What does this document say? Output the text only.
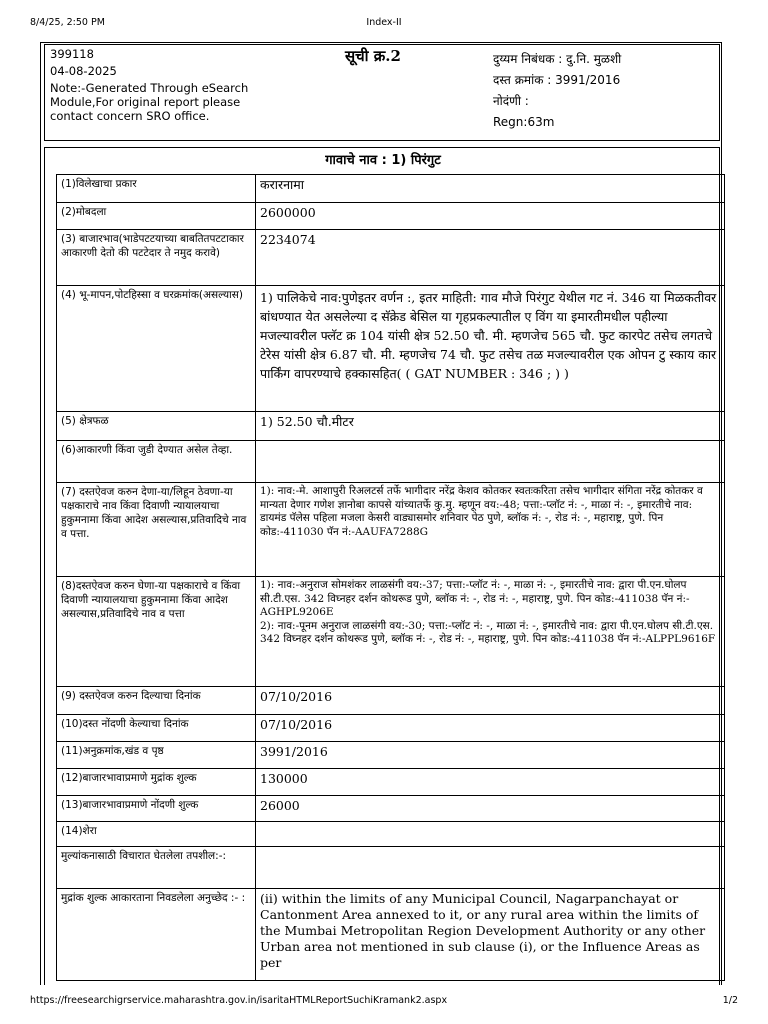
8/4/25, 2:50 PM	Index-II
399118
04-08-2025
Note:-Generated Through eSearch Module,For original report please contact concern SRO office.
सूची क्र.2	दुय्यम निबंधक : दु.नि. मुळशी
दस्त क्रमांक : 3991/2016
नोदंणी :
Regn:63m
गावाचे नाव : 1) पिरंगुट
(1)विलेखाचा प्रकार	करारनामा
(2)मोबदला	2600000
(3) बाजारभाव(भाडेपटटयाच्या बाबतितपटटाकार आकारणी देतो की पटटेदार ते नमुद करावे)	2234074
(4) भू-मापन,पोटहिस्सा व घरक्रमांक(असल्यास)	1) पालिकेचे नाव:पुणेइतर वर्णन :, इतर माहिती: गाव मौजे पिरंगुट येथील गट नं. 346 या मिळकतीवर बांधण्यात येत असलेल्या द सॅक्रेड बेसिल या गृहप्रकल्पातील ए विंग या इमारतीमधील पहील्या मजल्यावरील फ्लॅट क्र 104 यांसी क्षेत्र 52.50 चौ. मी. म्हणजेच 565 चौ. फुट कारपेट तसेच लगतचे टेरेस यांसी क्षेत्र 6.87 चौ. मी. म्हणजेच 74 चौ. फुट तसेच तळ मजल्यावरील एक ओपन टु स्काय कार पार्किंग वापरण्याचे हक्कासहित( ( GAT NUMBER : 346 ; ) )
(5) क्षेत्रफळ	1) 52.50 चौ.मीटर
(6)आकारणी किंवा जुडी देण्यात असेल तेव्हा.	
(7) दस्तऐवज करुन देणा-या/लिहून ठेवणा-या पक्षकाराचे नाव किंवा दिवाणी न्यायालयाचा हुकुमनामा किंवा आदेश असल्यास,प्रतिवादिचे नाव व पत्ता.	1): नाव:-मे. आशापुरी रिअलटर्स तर्फे भागीदार नरेंद्र केशव कोतकर स्वतःकरिता तसेच भागीदार संगिता नरेंद्र कोतकर व मान्यता देणार गणेश ज्ञानोबा कापसे यांच्यातर्फे कु.मु. म्हणून वय:-48; पत्ता:-प्लॉट नं: -, माळा नं: -, इमारतीचे नाव: डायमंड पॅलेस पहिला मजला केसरी वाड्यासमोर शनिवार पेठ पुणे, ब्लॉक नं: -, रोड नं: -, महाराष्ट्र, पुणे. पिन कोड:-411030 पॅन नं:-AAUFA7288G
(8)दस्तऐवज करुन घेणा-या पक्षकाराचे व किंवा दिवाणी न्यायालयाचा हुकुमनामा किंवा आदेश असल्यास,प्रतिवादिचे नाव व पत्ता	1): नाव:-अनुराज सोमशंकर लाळसंगी वय:-37; पत्ता:-प्लॉट नं: -, माळा नं: -, इमारतीचे नाव: द्वारा पी.एन.घोलप सी.टी.एस. 342 विघ्नहर दर्शन कोथरूड पुणे, ब्लॉक नं: -, रोड नं: -, महाराष्ट्र, पुणे. पिन कोड:-411038 पॅन नं:-AGHPL9206E
2): नाव:-पूनम अनुराज लाळसंगी वय:-30; पत्ता:-प्लॉट नं: -, माळा नं: -, इमारतीचे नाव: द्वारा पी.एन.घोलप सी.टी.एस. 342 विघ्नहर दर्शन कोथरूड पुणे, ब्लॉक नं: -, रोड नं: -, महाराष्ट्र, पुणे. पिन कोड:-411038 पॅन नं:-ALPPL9616F
(9) दस्तऐवज करुन दिल्याचा दिनांक	07/10/2016
(10)दस्त नोंदणी केल्याचा दिनांक	07/10/2016
(11)अनुक्रमांक,खंड व पृष्ठ	3991/2016
(12)बाजारभावाप्रमाणे मुद्रांक शुल्क	130000
(13)बाजारभावाप्रमाणे नोंदणी शुल्क	26000
(14)शेरा	
मुल्यांकनासाठी विचारात घेतलेला तपशील:-:	
मुद्रांक शुल्क आकारताना निवडलेला अनुच्छेद :- :	(ii) within the limits of any Municipal Council, Nagarpanchayat or Cantonment Area annexed to it, or any rural area within the limits of the Mumbai Metropolitan Region Development Authority or any other Urban area not mentioned in sub clause (i), or the Influence Areas as per
https://freesearchigrservice.maharashtra.gov.in/isaritaHTMLReportSuchiKramank2.aspx	1/2
